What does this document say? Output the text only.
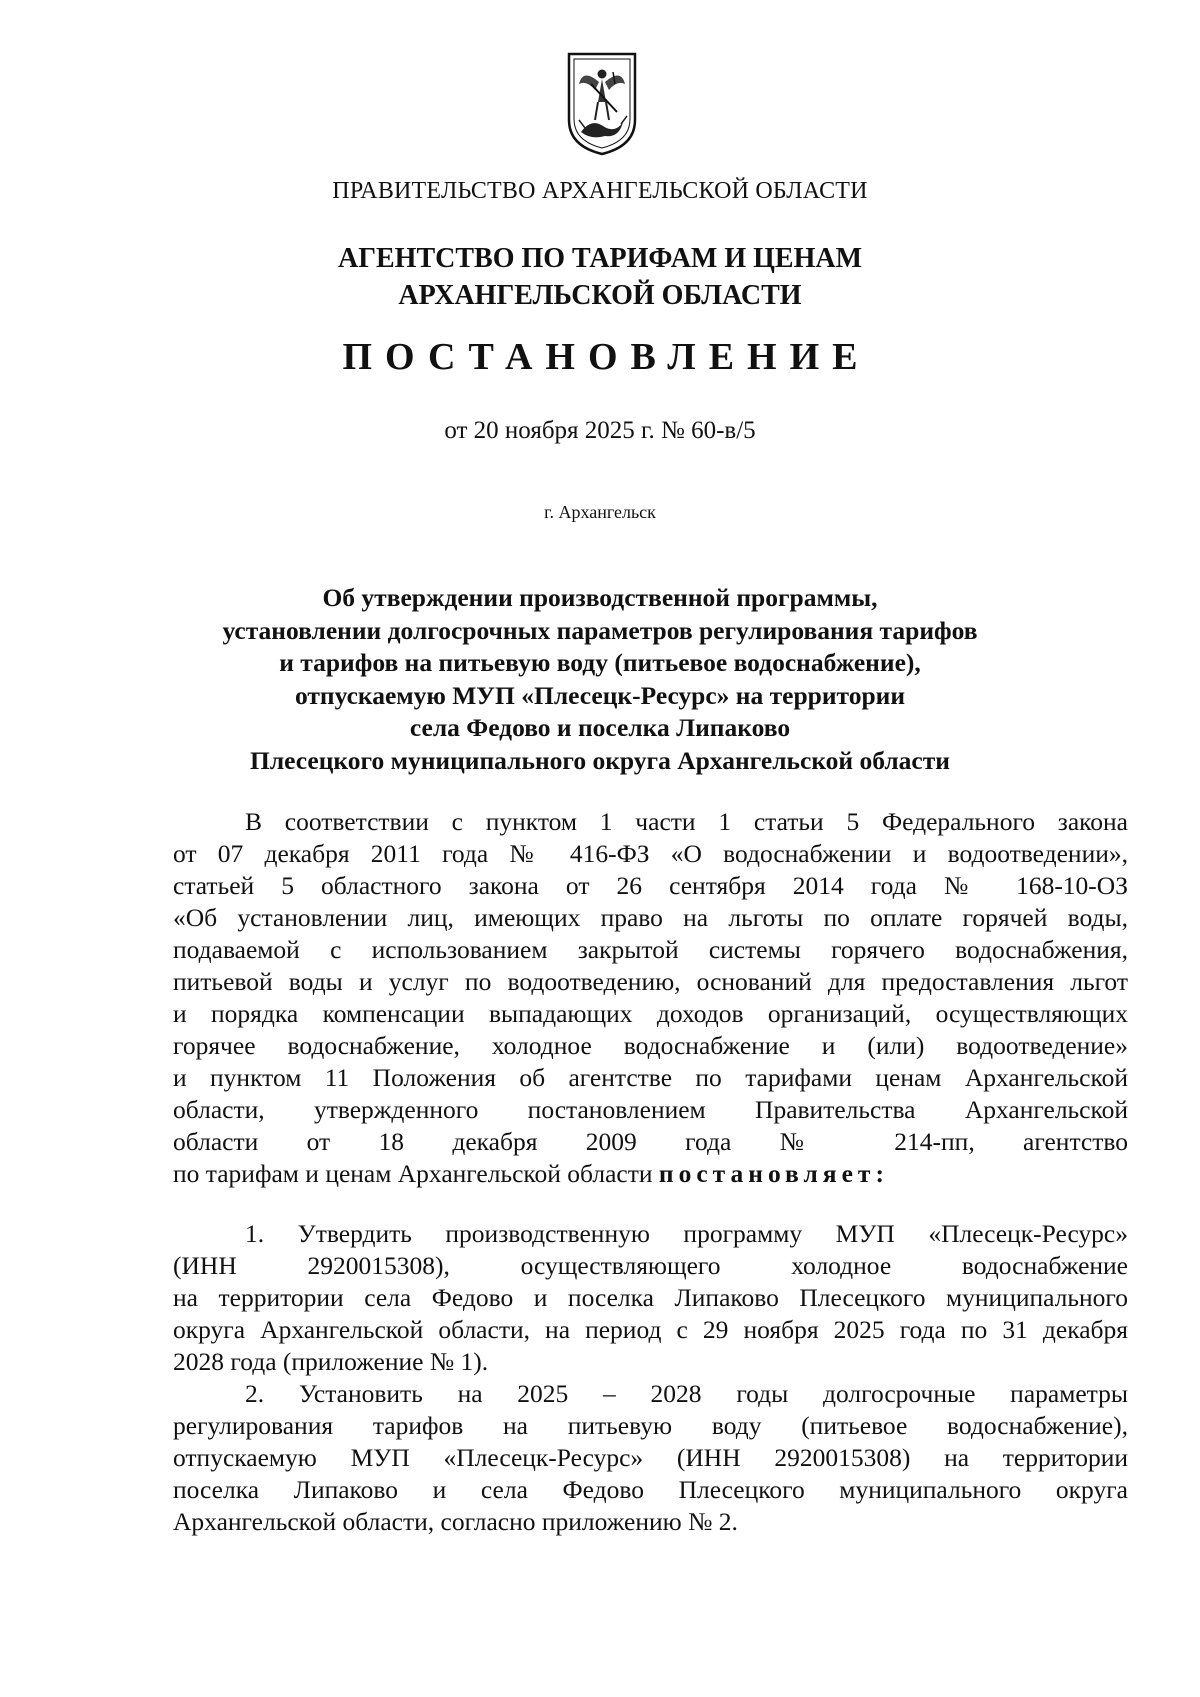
ПРАВИТЕЛЬСТВО АРХАНГЕЛЬСКОЙ ОБЛАСТИ
АГЕНТСТВО ПО ТАРИФАМ И ЦЕНАМ
АРХАНГЕЛЬСКОЙ ОБЛАСТИ
ПОСТАНОВЛЕНИЕ
от 20 ноября 2025 г. № 60-в/5
г. Архангельск
Об утверждении производственной программы,
установлении долгосрочных параметров регулирования тарифов
и тарифов на питьевую воду (питьевое водоснабжение),
отпускаемую МУП «Плесецк-Ресурс» на территории
села Федово и поселка Липаково
Плесецкого муниципального округа Архангельской области
В соответствии с пунктом 1 части 1 статьи 5 Федерального закона
от 07 декабря 2011 года № 416-ФЗ «О водоснабжении и водоотведении»,
статьей 5 областного закона от 26 сентября 2014 года № 168-10-ОЗ
«Об установлении лиц, имеющих право на льготы по оплате горячей воды,
подаваемой с использованием закрытой системы горячего водоснабжения,
питьевой воды и услуг по водоотведению, оснований для предоставления льгот
и порядка компенсации выпадающих доходов организаций, осуществляющих
горячее водоснабжение, холодное водоснабжение и (или) водоотведение»
и пунктом 11 Положения об агентстве по тарифами ценам Архангельской
области, утвержденного постановлением Правительства Архангельской
области от 18 декабря 2009 года № 214-пп, агентство
по тарифам и ценам Архангельской области постановляет:
1. Утвердить производственную программу МУП «Плесецк-Ресурс»
(ИНН 2920015308), осуществляющего холодное водоснабжение
на территории села Федово и поселка Липаково Плесецкого муниципального
округа Архангельской области, на период с 29 ноября 2025 года по 31 декабря
2028 года (приложение № 1).
2. Установить на 2025 – 2028 годы долгосрочные параметры
регулирования тарифов на питьевую воду (питьевое водоснабжение),
отпускаемую МУП «Плесецк-Ресурс» (ИНН 2920015308) на территории
поселка Липаково и села Федово Плесецкого муниципального округа
Архангельской области, согласно приложению № 2.
